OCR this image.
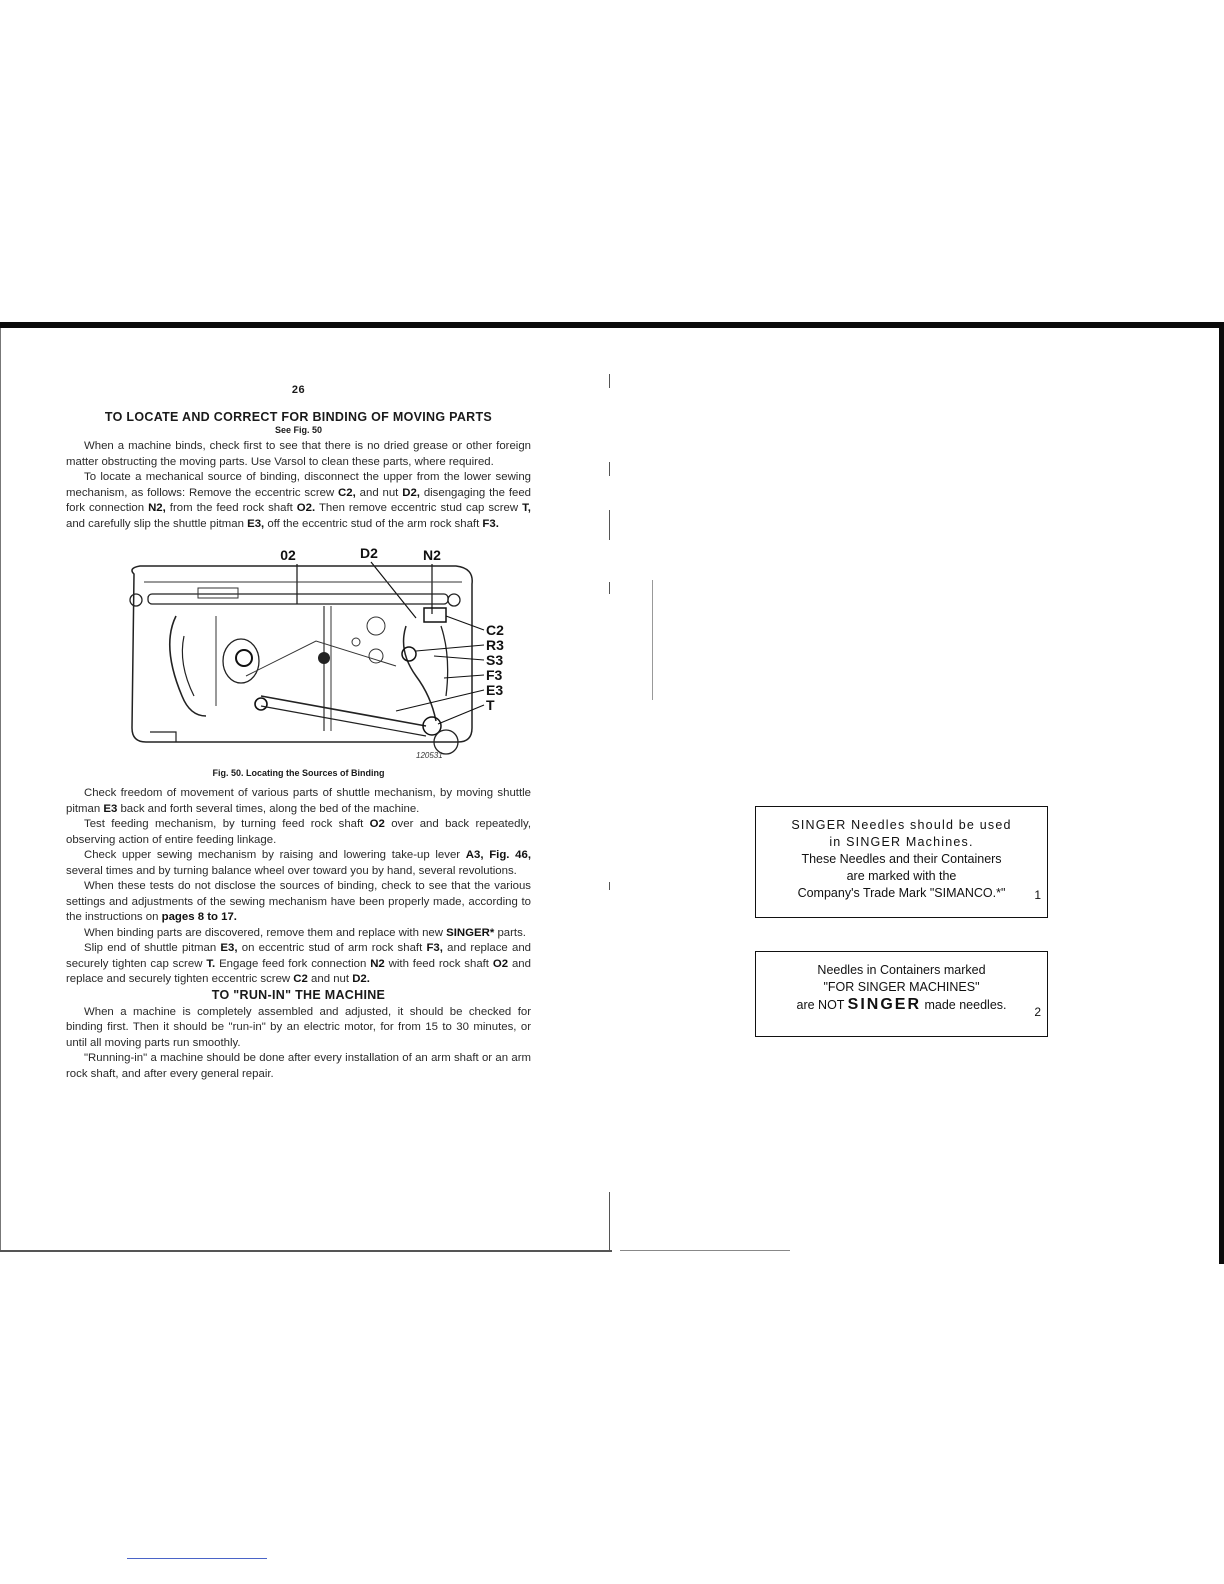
26
TO LOCATE AND CORRECT FOR BINDING OF MOVING PARTS
See Fig. 50

When a machine binds, check first to see that there is no dried grease or other foreign matter obstructing the moving parts. Use Varsol to clean these parts, where required.

To locate a mechanical source of binding, disconnect the upper from the lower sewing mechanism, as follows: Remove the eccentric screw C2, and nut D2, disengaging the feed fork connection N2, from the feed rock shaft O2. Then remove eccentric stud cap screw T, and carefully slip the shuttle pitman E3, off the eccentric stud of the arm rock shaft F3.

02	D2	N2
C2
R3
S3
F3
E3
T
120531
Fig. 50. Locating the Sources of Binding

Check freedom of movement of various parts of shuttle mechanism, by moving shuttle pitman E3 back and forth several times, along the bed of the machine.

Test feeding mechanism, by turning feed rock shaft O2 over and back repeatedly, observing action of entire feeding linkage.

Check upper sewing mechanism by raising and lowering take-up lever A3, Fig. 46, several times and by turning balance wheel over toward you by hand, several revolutions.

When these tests do not disclose the sources of binding, check to see that the various settings and adjustments of the sewing mechanism have been properly made, according to the instructions on pages 8 to 17.

When binding parts are discovered, remove them and replace with new SINGER* parts.

Slip end of shuttle pitman E3, on eccentric stud of arm rock shaft F3, and replace and securely tighten cap screw T. Engage feed fork connection N2 with feed rock shaft O2 and replace and securely tighten eccentric screw C2 and nut D2.

TO "RUN-IN" THE MACHINE

When a machine is completely assembled and adjusted, it should be checked for binding first. Then it should be "run-in" by an electric motor, for from 15 to 30 minutes, or until all moving parts run smoothly.

"Running-in" a machine should be done after every installation of an arm shaft or an arm rock shaft, and after every general repair.

SINGER Needles should be used
in SINGER Machines.
These Needles and their Containers
are marked with the
Company's Trade Mark "SIMANCO.*"	1
Needles in Containers marked
"FOR SINGER MACHINES"
are NOT SINGER made needles.	2
